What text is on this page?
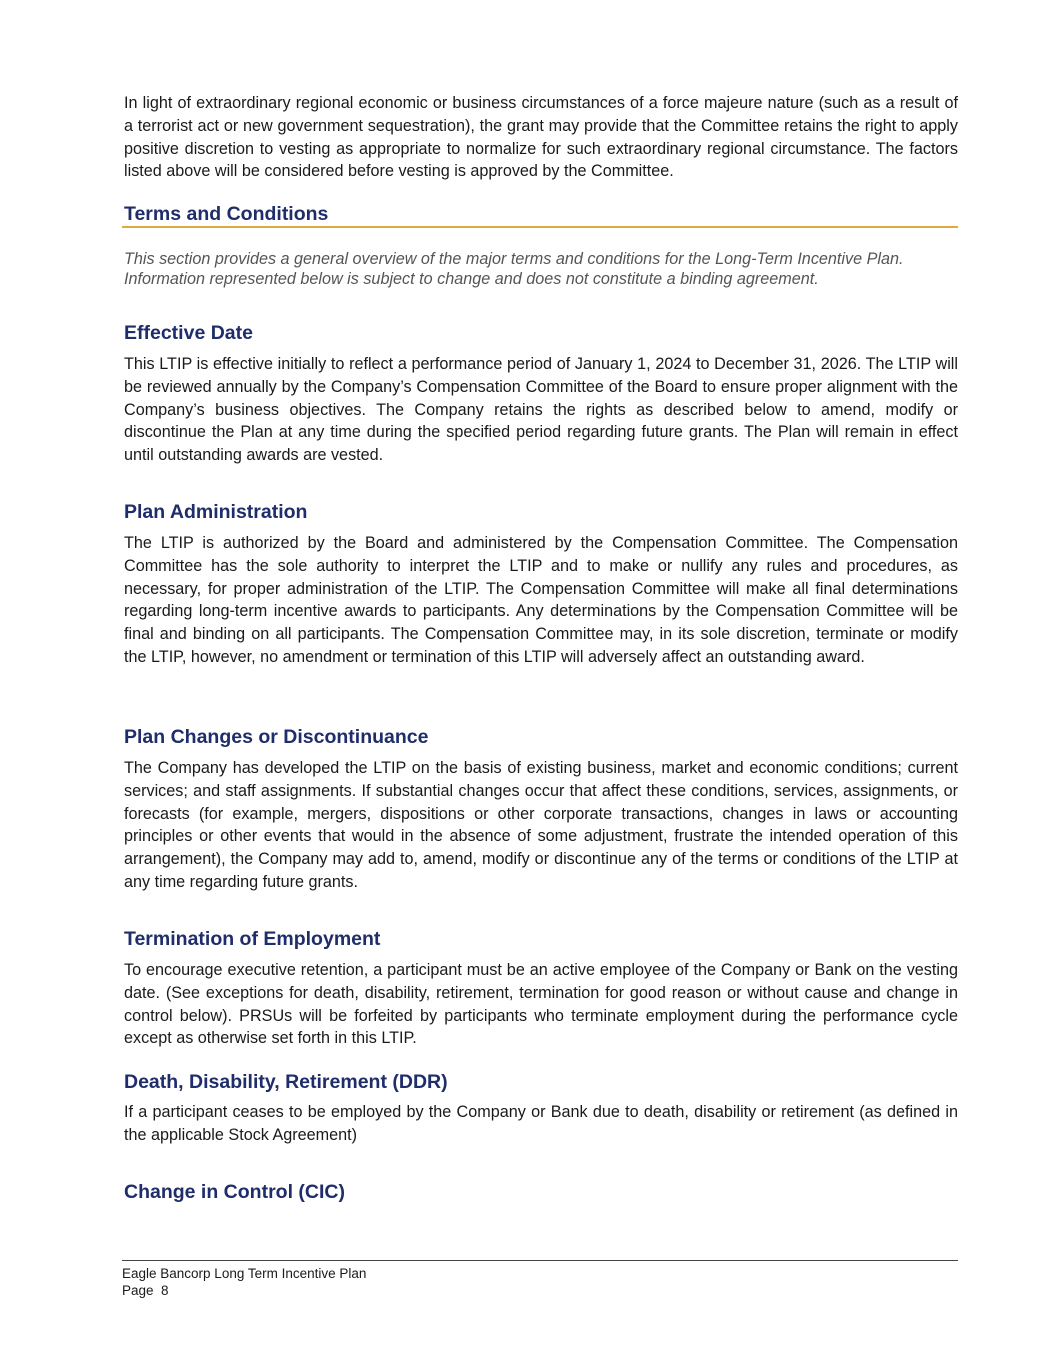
In light of extraordinary regional economic or business circumstances of a force majeure nature (such as a result of a terrorist act or new government sequestration), the grant may provide that the Committee retains the right to apply positive discretion to vesting as appropriate to normalize for such extraordinary regional circumstance. The factors listed above will be considered before vesting is approved by the Committee.

Terms and Conditions

This section provides a general overview of the major terms and conditions for the Long-Term Incentive Plan. Information represented below is subject to change and does not constitute a binding agreement.

Effective Date

This LTIP is effective initially to reflect a performance period of January 1, 2024 to December 31, 2026. The LTIP will be reviewed annually by the Company’s Compensation Committee of the Board to ensure proper alignment with the Company’s business objectives. The Company retains the rights as described below to amend, modify or discontinue the Plan at any time during the specified period regarding future grants. The Plan will remain in effect until outstanding awards are vested.

Plan Administration

The LTIP is authorized by the Board and administered by the Compensation Committee. The Compensation Committee has the sole authority to interpret the LTIP and to make or nullify any rules and procedures, as necessary, for proper administration of the LTIP. The Compensation Committee will make all final determinations regarding long-term incentive awards to participants. Any determinations by the Compensation Committee will be final and binding on all participants. The Compensation Committee may, in its sole discretion, terminate or modify the LTIP, however, no amendment or termination of this LTIP will adversely affect an outstanding award.

Plan Changes or Discontinuance

The Company has developed the LTIP on the basis of existing business, market and economic conditions; current services; and staff assignments. If substantial changes occur that affect these conditions, services, assignments, or forecasts (for example, mergers, dispositions or other corporate transactions, changes in laws or accounting principles or other events that would in the absence of some adjustment, frustrate the intended operation of this arrangement), the Company may add to, amend, modify or discontinue any of the terms or conditions of the LTIP at any time regarding future grants.

Termination of Employment

To encourage executive retention, a participant must be an active employee of the Company or Bank on the vesting date. (See exceptions for death, disability, retirement, termination for good reason or without cause and change in control below). PRSUs will be forfeited by participants who terminate employment during the performance cycle except as otherwise set forth in this LTIP.

Death, Disability, Retirement (DDR)

If a participant ceases to be employed by the Company or Bank due to death, disability or retirement (as defined in the applicable Stock Agreement)

Change in Control (CIC)
Eagle Bancorp Long Term Incentive Plan
Page  8
